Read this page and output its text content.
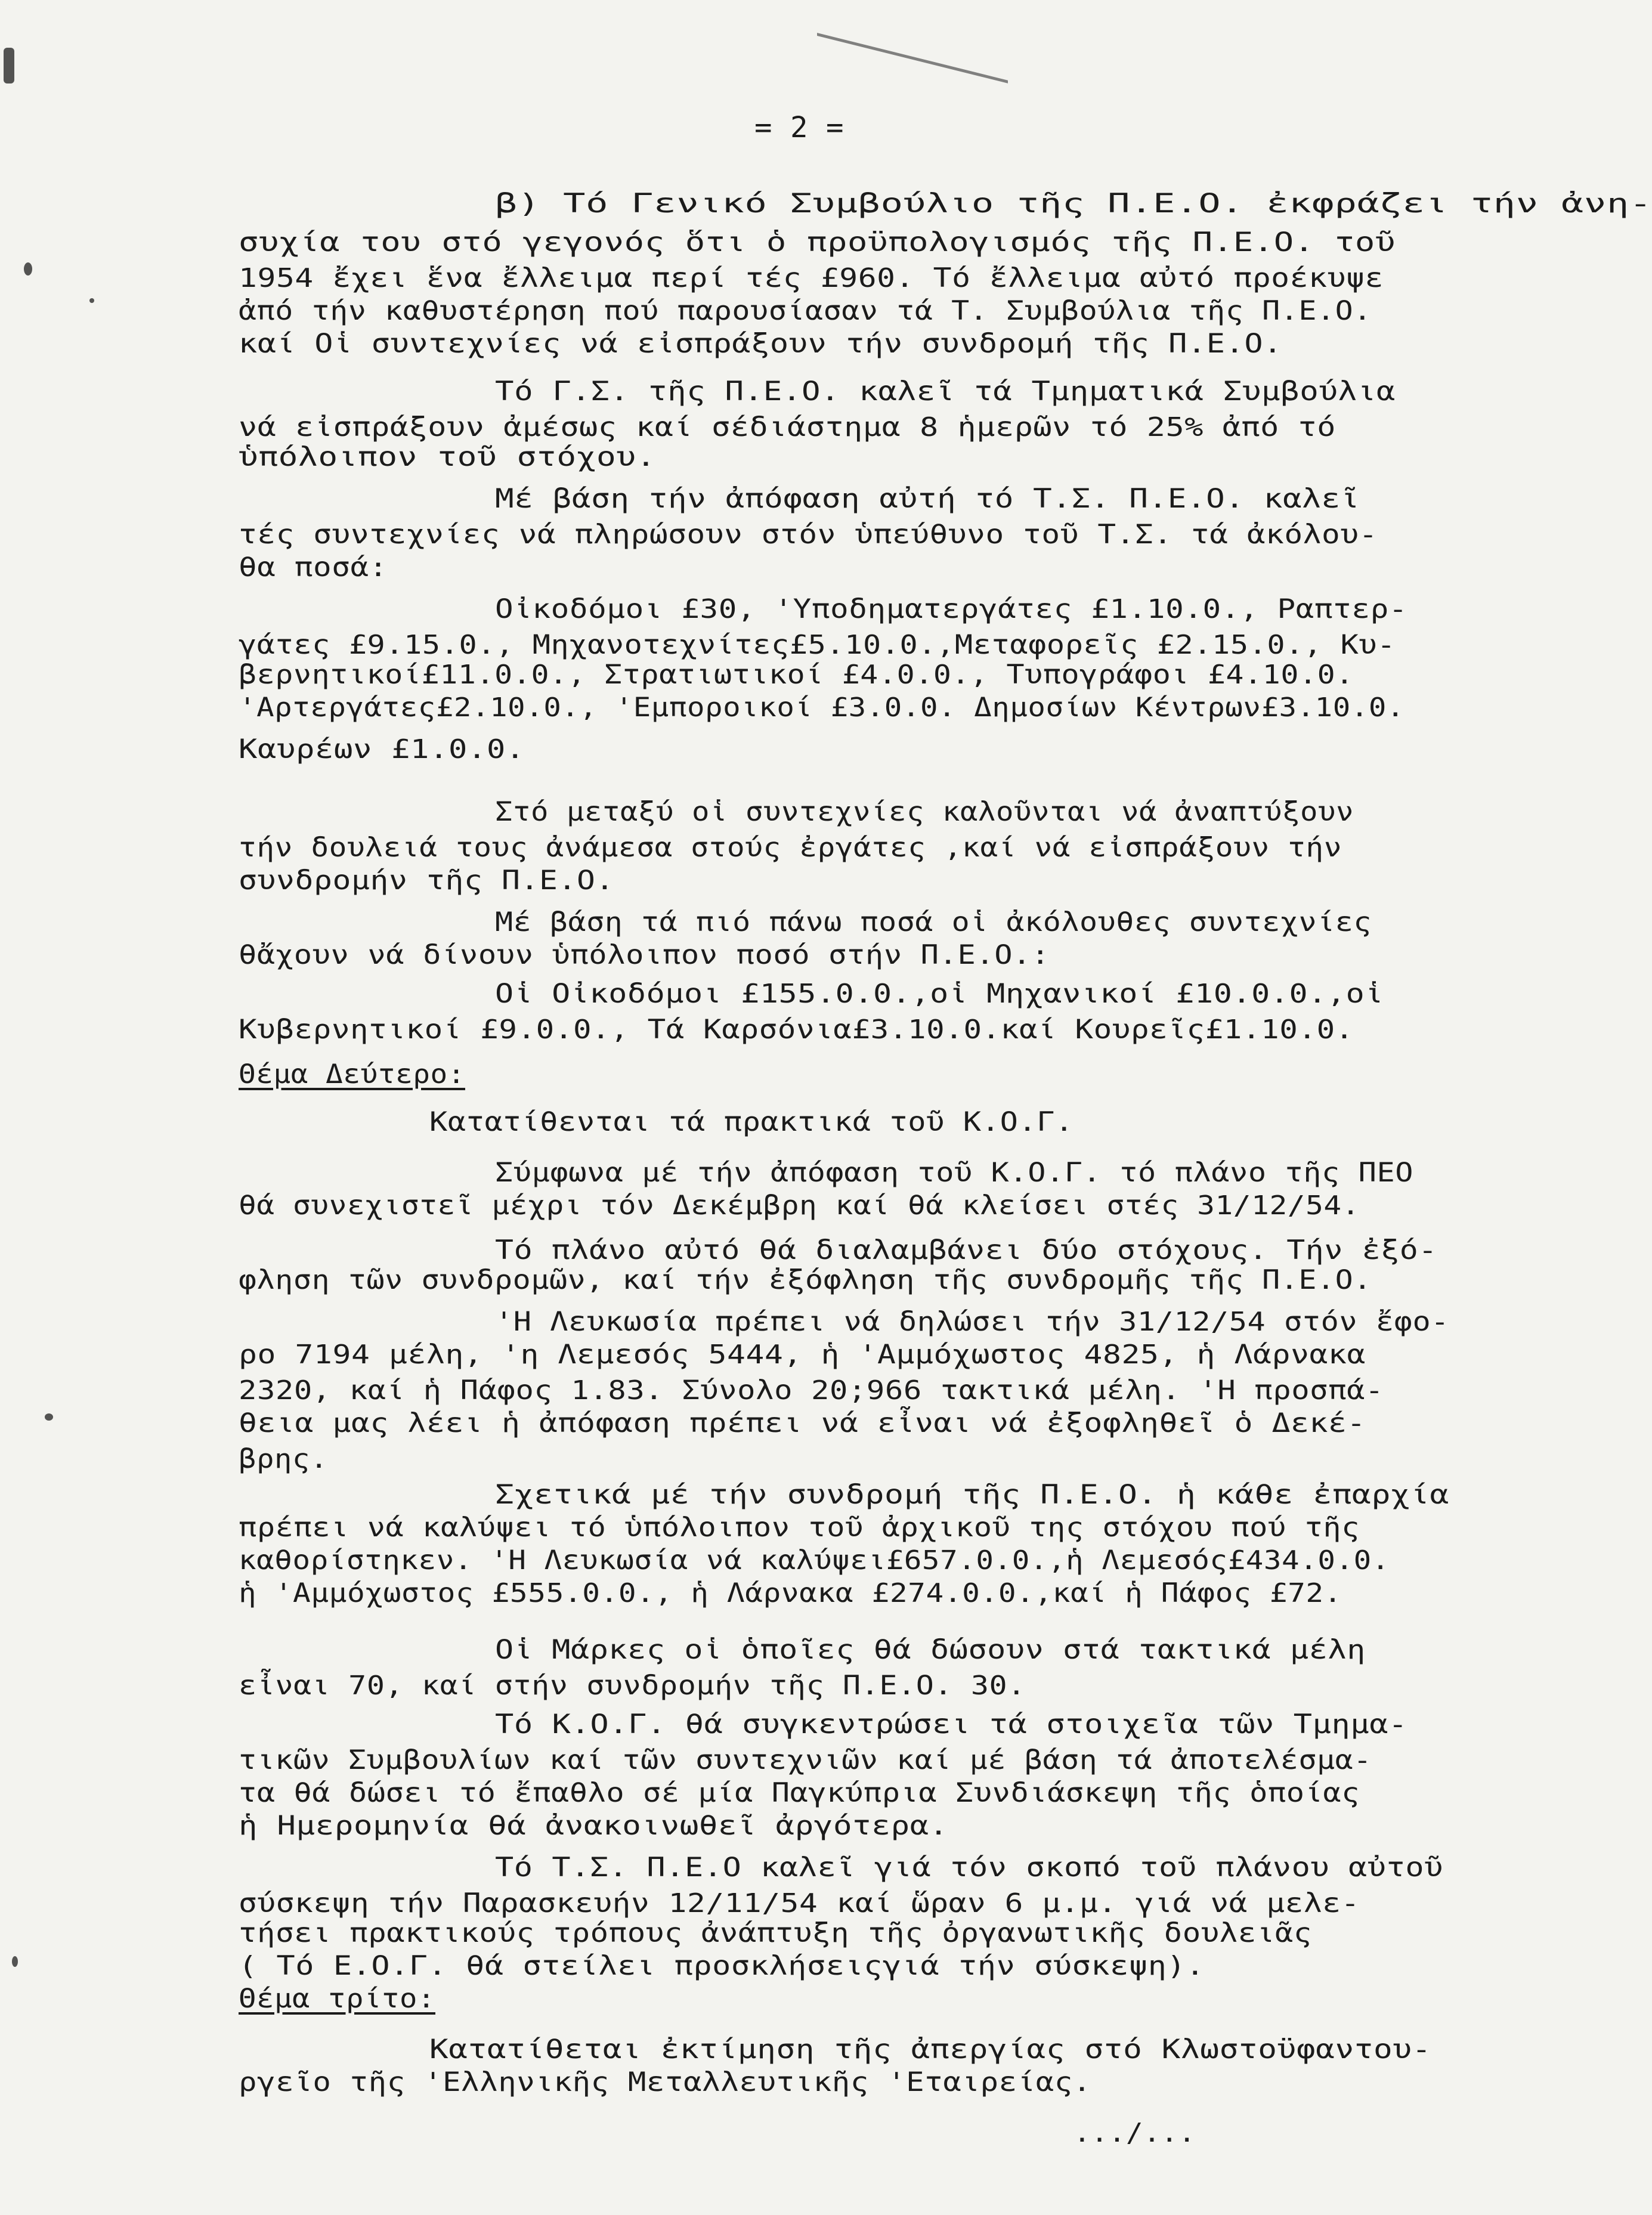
= 2 =
β) Τό Γενικό Συμβούλιο τῆς Π.Ε.Ο. ἐκφράζει τήν ἀνη-
συχία του στό γεγονός ὅτι ὁ προϋπολογισμός τῆς Π.Ε.Ο. τοῦ
1954 ἔχει ἕνα ἔλλειμα περί τές £960. Τό ἔλλειμα αὐτό προέκυψε
ἀπό τήν καθυστέρηση πού παρουσίασαν τά Τ. Συμβούλια τῆς Π.Ε.Ο.
καί Οἱ συντεχνίες νά εἰσπράξουν τήν συνδρομή τῆς Π.Ε.Ο.
Τό Γ.Σ. τῆς Π.Ε.Ο. καλεῖ τά Τμηματικά Συμβούλια
νά εἰσπράξουν ἀμέσως καί σέδιάστημα 8 ἡμερῶν τό 25% ἀπό τό
ὑπόλοιπον τοῦ στόχου.
Μέ βάση τήν ἀπόφαση αὐτή τό Τ.Σ. Π.Ε.Ο. καλεῖ
τές συντεχνίες νά πληρώσουν στόν ὑπεύθυνο τοῦ Τ.Σ. τά ἀκόλου-
θα ποσά:
Οἰκοδόμοι £30, 'Υποδηματεργάτες £1.10.0., Ραπτερ-
γάτες £9.15.0., Μηχανοτεχνίτες£5.10.0.,Μεταφορεῖς £2.15.0., Κυ-
βερνητικοί£11.0.0., Στρατιωτικοί £4.0.0., Τυπογράφοι £4.10.0.
'Αρτεργάτες£2.10.0., 'Εμποροικοί £3.0.0. Δημοσίων Κέντρων£3.10.0.
Καυρέων £1.0.0.
Στό μεταξύ οἱ συντεχνίες καλοῦνται νά ἀναπτύξουν
τήν δουλειά τους ἀνάμεσα στούς ἐργάτες ,καί νά εἰσπράξουν τήν
συνδρομήν τῆς Π.Ε.Ο.
Μέ βάση τά πιό πάνω ποσά οἱ ἀκόλουθες συντεχνίες
θἄχουν νά δίνουν ὑπόλοιπον ποσό στήν Π.Ε.Ο.:
Οἱ Οἰκοδόμοι £155.0.0.,οἱ Μηχανικοί £10.0.0.,οἱ
Κυβερνητικοί £9.0.0., Τά Καρσόνια£3.10.0.καί Κουρεῖς£1.10.0.
Θέμα Δεύτερο:
Κατατίθενται τά πρακτικά τοῦ Κ.Ο.Γ.
Σύμφωνα μέ τήν ἀπόφαση τοῦ Κ.Ο.Γ. τό πλάνο τῆς ΠΕΟ
θά συνεχιστεῖ μέχρι τόν Δεκέμβρη καί θά κλείσει στές 31/12/54.
Τό πλάνο αὐτό θά διαλαμβάνει δύο στόχους. Τήν ἐξό-
φληση τῶν συνδρομῶν, καί τήν ἐξόφληση τῆς συνδρομῆς τῆς Π.Ε.Ο.
'Η Λευκωσία πρέπει νά δηλώσει τήν 31/12/54 στόν ἔφο-
ρο 7194 μέλη, 'η Λεμεσός 5444, ἡ 'Αμμόχωστος 4825, ἡ Λάρνακα
2320, καί ἡ Πάφος 1.83. Σύνολο 20;966 τακτικά μέλη. 'Η προσπά-
θεια μας λέει ἡ ἀπόφαση πρέπει νά εἶναι νά ἐξοφληθεῖ ὁ Δεκέ-
βρης.
Σχετικά μέ τήν συνδρομή τῆς Π.Ε.Ο. ἡ κάθε ἐπαρχία
πρέπει νά καλύψει τό ὑπόλοιπον τοῦ ἀρχικοῦ της στόχου πού τῆς
καθορίστηκεν. 'Η Λευκωσία νά καλύψει£657.0.0.,ἡ Λεμεσός£434.0.0.
ἡ 'Αμμόχωστος £555.0.0., ἡ Λάρνακα £274.0.0.,καί ἡ Πάφος £72.
Οἱ Μάρκες οἱ ὁποῖες θά δώσουν στά τακτικά μέλη
εἶναι 70, καί στήν συνδρομήν τῆς Π.Ε.Ο. 30.
Τό Κ.Ο.Γ. θά συγκεντρώσει τά στοιχεῖα τῶν Τμημα-
τικῶν Συμβουλίων καί τῶν συντεχνιῶν καί μέ βάση τά ἀποτελέσμα-
τα θά δώσει τό ἔπαθλο σέ μία Παγκύπρια Συνδιάσκεψη τῆς ὁποίας
ἡ Ημερομηνία θά ἀνακοινωθεῖ ἀργότερα.
Τό Τ.Σ. Π.Ε.Ο καλεῖ γιά τόν σκοπό τοῦ πλάνου αὐτοῦ
σύσκεψη τήν Παρασκευήν 12/11/54 καί ὥραν 6 μ.μ. γιά νά μελε-
τήσει πρακτικούς τρόπους ἀνάπτυξη τῆς ὀργανωτικῆς δουλειᾶς
( Τό Ε.Ο.Γ. θά στείλει προσκλήσειςγιά τήν σύσκεψη).
Θέμα τρίτο:
Κατατίθεται ἐκτίμηση τῆς ἀπεργίας στό Κλωστοϋφαντου-
ργεῖο τῆς 'Ελληνικῆς Μεταλλευτικῆς 'Εταιρείας.
.../...
